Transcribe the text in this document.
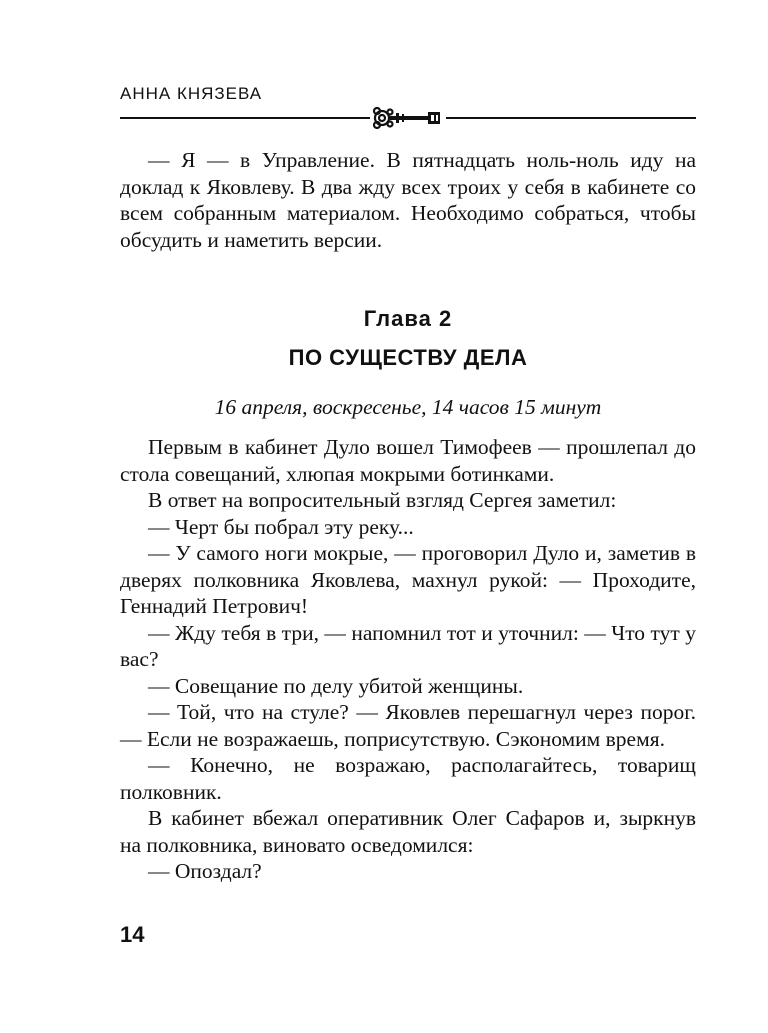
АННА КНЯЗЕВА

— Я — в Управление. В пятнадцать ноль-ноль иду на доклад к Яковлеву. В два жду всех троих у себя в кабинете со всем собранным материалом. Необходимо собраться, чтобы обсудить и наметить версии.

Глава 2
ПО СУЩЕСТВУ ДЕЛА
16 апреля, воскресенье, 14 часов 15 минут

Первым в кабинет Дуло вошел Тимофеев — прошлепал до стола совещаний, хлюпая мокрыми ботинками.

В ответ на вопросительный взгляд Сергея заметил:

— Черт бы побрал эту реку...

— У самого ноги мокрые, — проговорил Дуло и, заметив в дверях полковника Яковлева, махнул рукой: — Проходите, Геннадий Петрович!

— Жду тебя в три, — напомнил тот и уточнил: — Что тут у вас?

— Совещание по делу убитой женщины.

— Той, что на стуле? — Яковлев перешагнул через порог. — Если не возражаешь, поприсутствую. Сэкономим время.

— Конечно, не возражаю, располагайтесь, товарищ полковник.

В кабинет вбежал оперативник Олег Сафаров и, зыркнув на полковника, виновато осведомился:

— Опоздал?

14
